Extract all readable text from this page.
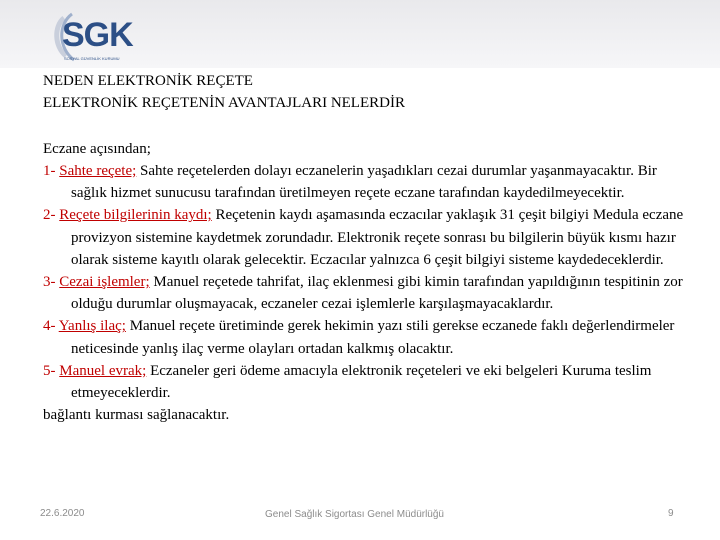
SGK
SOSYAL GÜVENLİK KURUMU
NEDEN ELEKTRONİK REÇETE
ELEKTRONİK REÇETENİN AVANTAJLARI NELERDİR
Eczane açısından;
1- Sahte reçete; Sahte reçetelerden dolayı eczanelerin yaşadıkları cezai durumlar yaşanmayacaktır. Bir sağlık hizmet sunucusu tarafından üretilmeyen reçete eczane tarafından kaydedilmeyecektir.
2- Reçete bilgilerinin kaydı; Reçetenin kaydı aşamasında eczacılar yaklaşık 31 çeşit bilgiyi Medula eczane provizyon sistemine kaydetmek zorundadır. Elektronik reçete sonrası bu bilgilerin büyük kısmı hazır olarak sisteme kayıtlı olarak gelecektir. Eczacılar yalnızca 6 çeşit bilgiyi sisteme kaydedeceklerdir.
3- Cezai işlemler; Manuel reçetede tahrifat, ilaç eklenmesi gibi kimin tarafından yapıldığının tespitinin zor olduğu durumlar oluşmayacak, eczaneler cezai işlemlerle karşılaşmayacaklardır.
4- Yanlış ilaç; Manuel reçete üretiminde gerek hekimin yazı stili gerekse eczanede faklı değerlendirmeler neticesinde yanlış ilaç verme olayları ortadan kalkmış olacaktır.
5- Manuel evrak; Eczaneler geri ödeme amacıyla elektronik reçeteleri ve eki belgeleri Kuruma teslim etmeyeceklerdir.
bağlantı kurması sağlanacaktır.
22.6.2020	Genel Sağlık Sigortası Genel Müdürlüğü	9
